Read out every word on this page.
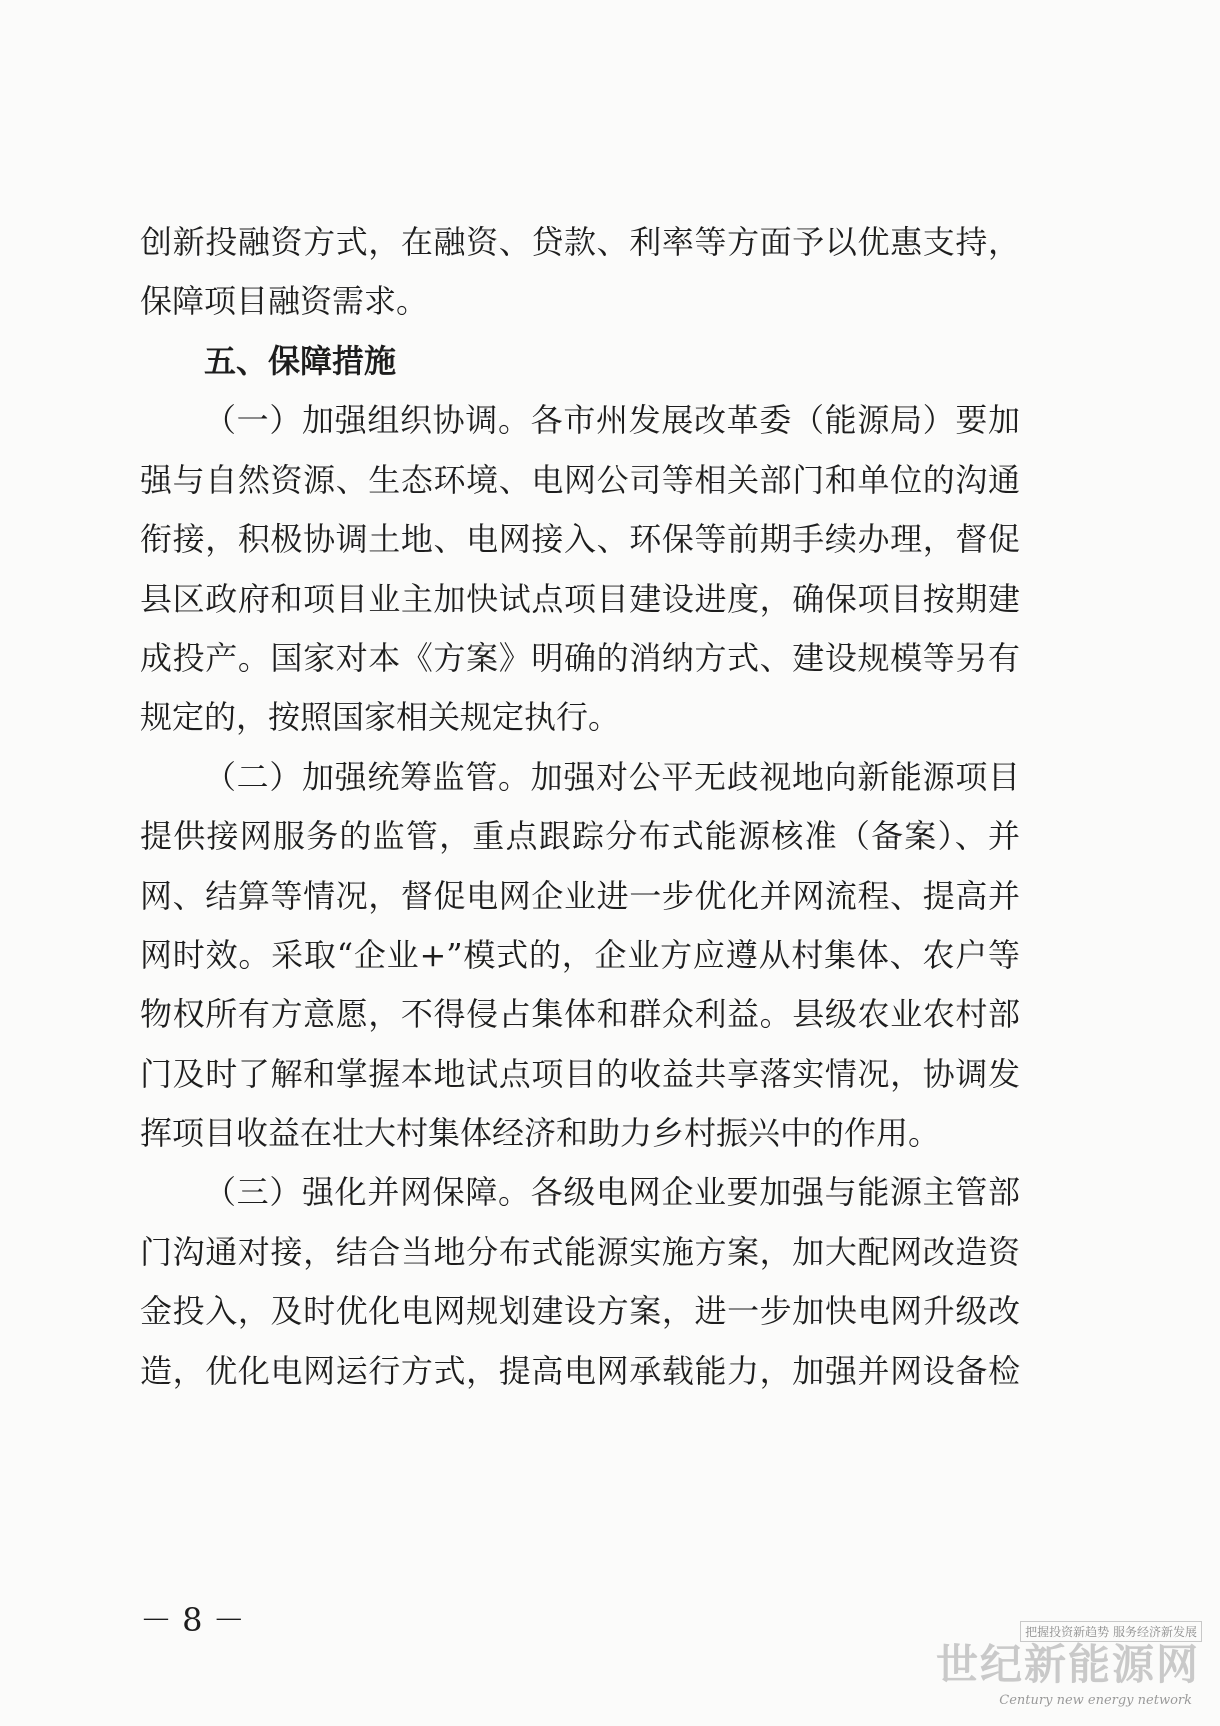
创新投融资方式，在融资、贷款、利率等方面予以优惠支持，
保障项目融资需求。
五、保障措施
（一）加强组织协调。各市州发展改革委（能源局）要加
强与自然资源、生态环境、电网公司等相关部门和单位的沟通
衔接，积极协调土地、电网接入、环保等前期手续办理，督促
县区政府和项目业主加快试点项目建设进度，确保项目按期建
成投产。国家对本《方案》明确的消纳方式、建设规模等另有
规定的，按照国家相关规定执行。
（二）加强统筹监管。加强对公平无歧视地向新能源项目
提供接网服务的监管，重点跟踪分布式能源核准（备案）、并
网、结算等情况，督促电网企业进一步优化并网流程、提高并
网时效。采取“企业+”模式的，企业方应遵从村集体、农户等
物权所有方意愿，不得侵占集体和群众利益。县级农业农村部
门及时了解和掌握本地试点项目的收益共享落实情况，协调发
挥项目收益在壮大村集体经济和助力乡村振兴中的作用。
（三）强化并网保障。各级电网企业要加强与能源主管部
门沟通对接，结合当地分布式能源实施方案，加大配网改造资
金投入，及时优化电网规划建设方案，进一步加快电网升级改
造，优化电网运行方式，提高电网承载能力，加强并网设备检
－ 8 －	把握投资新趋势 服务经济新发展
世纪新能源网
Century new energy network
